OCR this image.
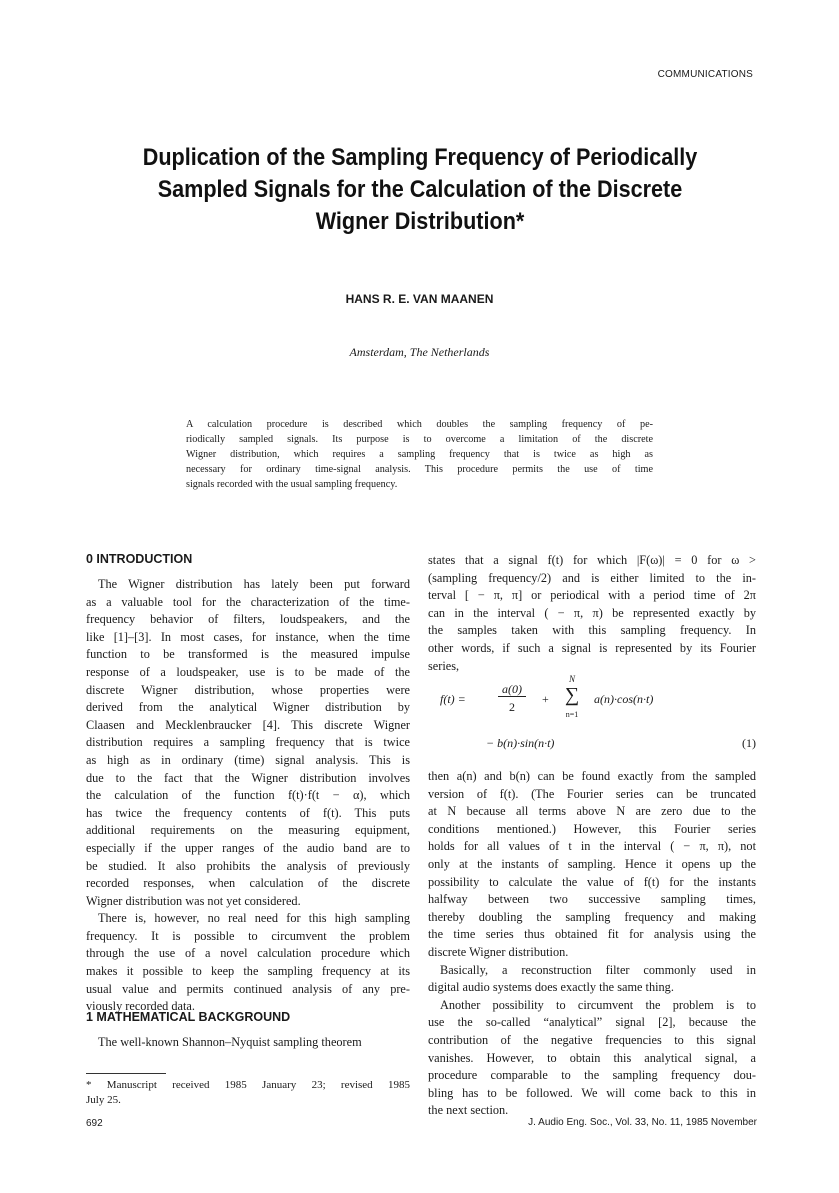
COMMUNICATIONS
Duplication of the Sampling Frequency of Periodically
Sampled Signals for the Calculation of the Discrete
Wigner Distribution*
HANS R. E. VAN MAANEN
Amsterdam, The Netherlands
A calculation procedure is described which doubles the sampling frequency of pe-
riodically sampled signals. Its purpose is to overcome a limitation of the discrete
Wigner distribution, which requires a sampling frequency that is twice as high as
necessary for ordinary time-signal analysis. This procedure permits the use of time
signals recorded with the usual sampling frequency.
0 INTRODUCTION
The Wigner distribution has lately been put forward
as a valuable tool for the characterization of the time-
frequency behavior of filters, loudspeakers, and the
like [1]–[3]. In most cases, for instance, when the time
function to be transformed is the measured impulse
response of a loudspeaker, use is to be made of the
discrete Wigner distribution, whose properties were
derived from the analytical Wigner distribution by
Claasen and Mecklenbraucker [4]. This discrete Wigner
distribution requires a sampling frequency that is twice
as high as in ordinary (time) signal analysis. This is
due to the fact that the Wigner distribution involves
the calculation of the function f(t)·f(t − α), which
has twice the frequency contents of f(t). This puts
additional requirements on the measuring equipment,
especially if the upper ranges of the audio band are to
be studied. It also prohibits the analysis of previously
recorded responses, when calculation of the discrete
Wigner distribution was not yet considered.
There is, however, no real need for this high sampling
frequency. It is possible to circumvent the problem
through the use of a novel calculation procedure which
makes it possible to keep the sampling frequency at its
usual value and permits continued analysis of any pre-
viously recorded data.
1 MATHEMATICAL BACKGROUND
The well-known Shannon–Nyquist sampling theorem
* Manuscript received 1985 January 23; revised 1985
July 25.
states that a signal f(t) for which |F(ω)| = 0 for ω >
(sampling frequency/2) and is either limited to the in-
terval [ − π, π] or periodical with a period time of 2π
can in the interval ( − π, π) be represented exactly by
the samples taken with this sampling frequency. In
other words, if such a signal is represented by its Fourier
series,
f(t) =
a(0)
2
+
N
∑
n=1
a(n)·cos(n·t)
− b(n)·sin(n·t)	(1)
then a(n) and b(n) can be found exactly from the sampled
version of f(t). (The Fourier series can be truncated
at N because all terms above N are zero due to the
conditions mentioned.) However, this Fourier series
holds for all values of t in the interval ( − π, π), not
only at the instants of sampling. Hence it opens up the
possibility to calculate the value of f(t) for the instants
halfway between two successive sampling times,
thereby doubling the sampling frequency and making
the time series thus obtained fit for analysis using the
discrete Wigner distribution.
Basically, a reconstruction filter commonly used in
digital audio systems does exactly the same thing.
Another possibility to circumvent the problem is to
use the so-called “analytical” signal [2], because the
contribution of the negative frequencies to this signal
vanishes. However, to obtain this analytical signal, a
procedure comparable to the sampling frequency dou-
bling has to be followed. We will come back to this in
the next section.
692	J. Audio Eng. Soc., Vol. 33, No. 11, 1985 November
